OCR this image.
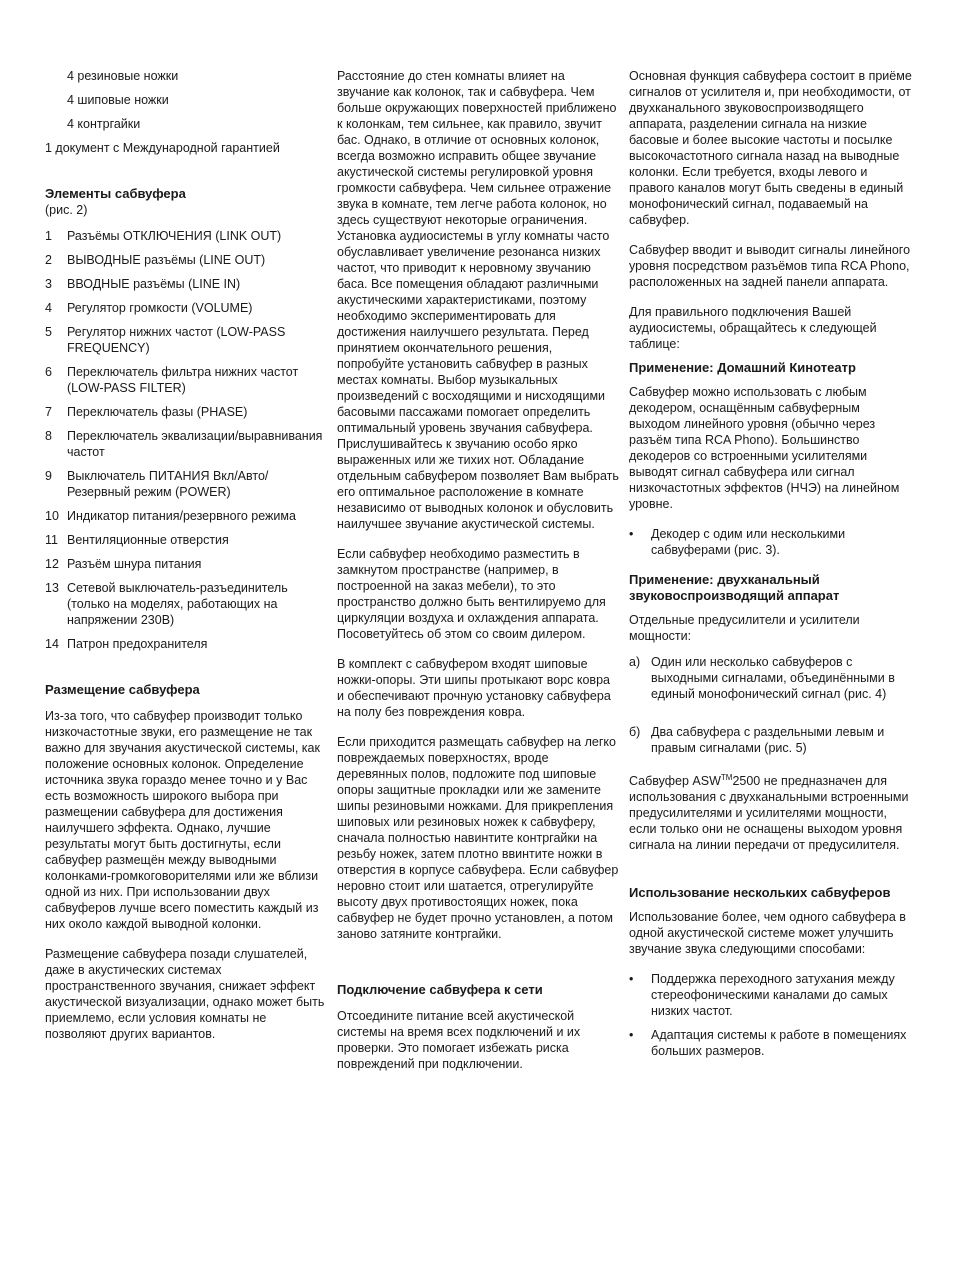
4 резиновые ножки
4 шиповые ножки
4 контргайки
1 документ с Международной гарантией
Элементы сабвуфера
(рис. 2)
1	Разъёмы ОТКЛЮЧЕНИЯ (LINK OUT)
2	ВЫВОДНЫЕ разъёмы (LINE OUT)
3	ВВОДНЫЕ разъёмы (LINE IN)
4	Регулятор громкости (VOLUME)
5	Регулятор нижних частот (LOW-PASS FREQUENCY)
6	Переключатель фильтра нижних частот (LOW-PASS FILTER)
7	Переключатель фазы (PHASE)
8	Переключатель эквализации/выравнивания частот
9	Выключатель ПИТАНИЯ Вкл/Авто/Резервный режим (POWER)
10 Индикатор питания/резервного режима
11 Вентиляционные отверстия
12 Разъём шнура питания
13 Сетевой выключатель-разъединитель (только на моделях, работающих на напряжении 230В)
14 Патрон предохранителя
Размещение сабвуфера

Из-за того, что сабвуфер производит только низкочастотные звуки, его размещение не так важно для звучания акустической системы, как положение основных колонок. Определение источника звука гораздо менее точно и у Вас есть возможность широкого выбора при размещении сабвуфера для достижения наилучшего эффекта. Однако, лучшие результаты могут быть достигнуты, если сабвуфер размещён между выводными колонками-громкоговорителями или же вблизи одной из них. При использовании двух сабвуферов лучше всего поместить каждый из них около каждой выводной колонки.

Размещение сабвуфера позади слушателей, даже в акустических системах пространственного звучания, снижает эффект акустической визуализации, однако может быть приемлемо, если условия комнаты не позволяют других вариантов.

Расстояние до стен комнаты влияет на звучание как колонок, так и сабвуфера. Чем больше окружающих поверхностей приближено к колонкам, тем сильнее, как правило, звучит бас. Однако, в отличие от основных колонок, всегда возможно исправить общее звучание акустической системы регулировкой уровня громкости сабвуфера. Чем сильнее отражение звука в комнате, тем легче работа колонок, но здесь существуют некоторые ограничения. Установка аудиосистемы в углу комнаты часто обуславливает увеличение резонанса низких частот, что приводит к неровному звучанию баса. Все помещения обладают различными акустическими характеристиками, поэтому необходимо экспериментировать для достижения наилучшего результата. Перед принятием окончательного решения, попробуйте установить сабвуфер в разных местах комнаты. Выбор музыкальных произведений с восходящими и нисходящими басовыми пассажами помогает определить оптимальный уровень звучания сабвуфера. Прислушивайтесь к звучанию особо ярко выраженных или же тихих нот. Обладание отдельным сабвуфером позволяет Вам выбрать его оптимальное расположение в комнате независимо от выводных колонок и обусловить наилучшее звучание акустической системы.

Если сабвуфер необходимо разместить в замкнутом пространстве (например, в построенной на заказ мебели), то это пространство должно быть вентилируемо для циркуляции воздуха и охлаждения аппарата. Посоветуйтесь об этом со своим дилером.

В комплект с сабвуфером входят шиповые ножки-опоры. Эти шипы протыкают ворс ковра и обеспечивают прочную установку сабвуфера на полу без повреждения ковра.

Если приходится размещать сабвуфер на легко повреждаемых поверхностях, вроде деревянных полов, подложите под шиповые опоры защитные прокладки или же замените шипы резиновыми ножками. Для прикрепления шиповых или резиновых ножек к сабвуферу, сначала полностью навинтите контргайки на резьбу ножек, затем плотно ввинтите ножки в отверстия в корпусе сабвуфера. Если сабвуфер неровно стоит или шатается, отрегулируйте высоту двух противостоящих ножек, пока сабвуфер не будет прочно установлен, а потом заново затяните контргайки.

Подключение сабвуфера к сети

Отсоедините питание всей акустической системы на время всех подключений и их проверки. Это помогает избежать риска повреждений при подключении.

Основная функция сабвуфера состоит в приёме сигналов от усилителя и, при необходимости, от двухканального звуковоспроизводящего аппарата, разделении сигнала на низкие басовые и более высокие частоты и посылке высокочастотного сигнала назад на выводные колонки. Если требуется, входы левого и правого каналов могут быть сведены в единый монофонический сигнал, подаваемый на сабвуфер.

Сабвуфер вводит и выводит сигналы линейного уровня посредством разъёмов типа RCA Phono, расположенных на задней панели аппарата.

Для правильного подключения Вашей аудиосистемы, обращайтесь к следующей таблице:

Применение: Домашний Кинотеатр

Сабвуфер можно использовать с любым декодером, оснащённым сабвуферным выходом линейного уровня (обычно через разъём типа RCA Phono). Большинство декодеров со встроенными усилителями выводят сигнал сабвуфера или сигнал низкочастотных эффектов (НЧЭ) на линейном уровне.

•	Декодер с одим или несколькими сабвуферами (рис. 3).
Применение: двухканальный звуковоспроизводящий аппарат

Отдельные предусилители и усилители мощности:

а) Один или несколько сабвуферов с выходными сигналами, объединёнными в единый монофонический сигнал (рис. 4)
б) Два сабвуфера с раздельными левым и правым сигналами (рис. 5)

Сабвуфер ASW™2500 не предназначен для использования с двухканальными встроенными предусилителями и усилителями мощности, если только они не оснащены выходом уровня сигнала на линии передачи от предусилителя.

Использование нескольких сабвуферов

Использование более, чем одного сабвуфера в одной акустической системе может улучшить звучание звука следующими способами:

•	Поддержка переходного затухания между стереофоническими каналами до самых низких частот.
•	Адаптация системы к работе в помещениях больших размеров.
